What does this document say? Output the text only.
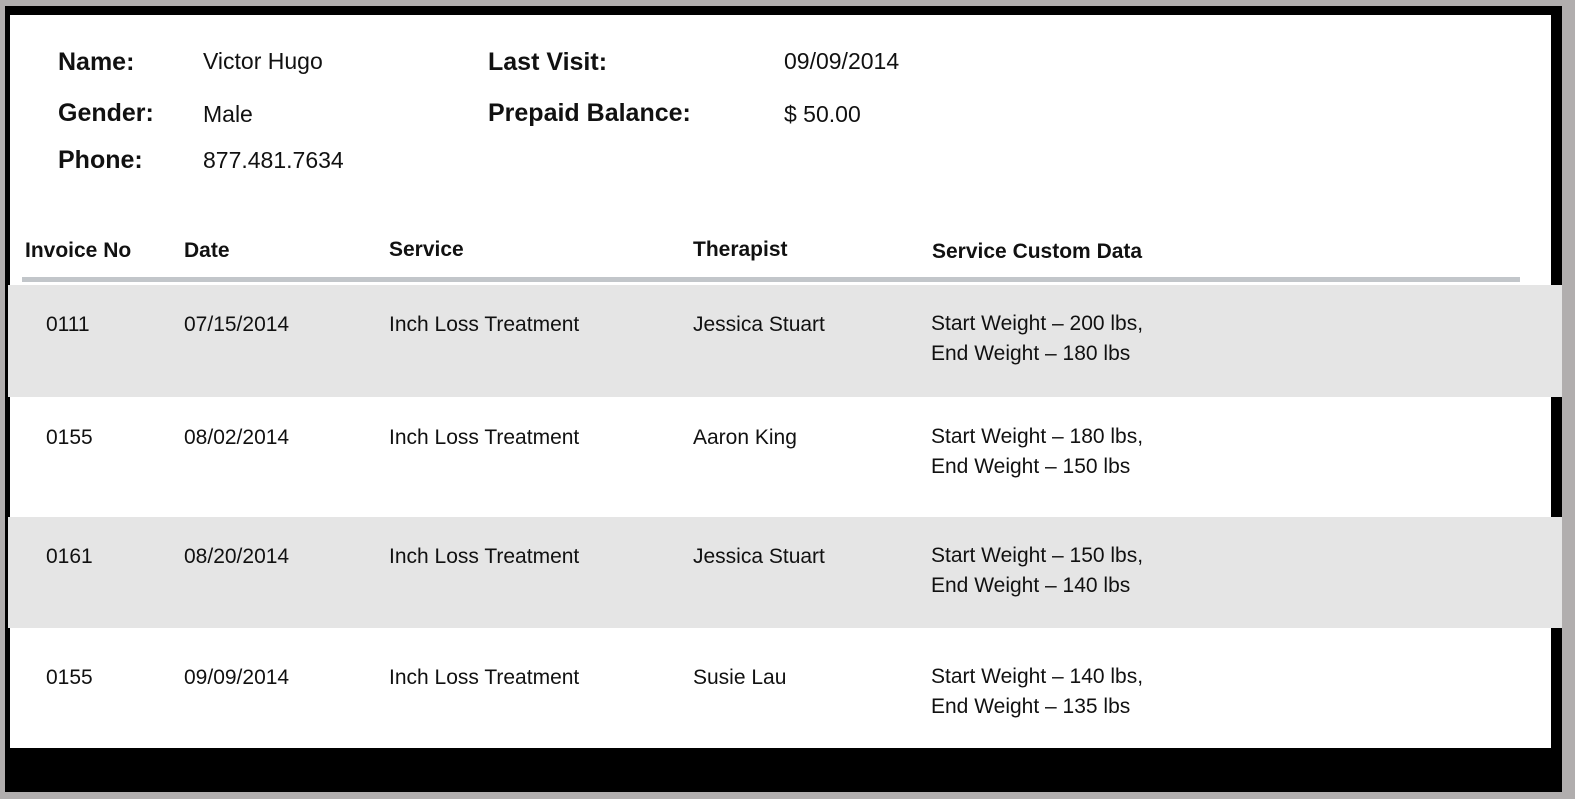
Name:	Victor Hugo
Gender: Male
Phone:	877.481.7634
Last Visit:	09/09/2014
Prepaid Balance:	$ 50.00
Invoice No	Date	Service	Therapist	Service Custom Data
0111	07/15/2014	Inch Loss Treatment	Jessica Stuart	Start Weight – 200 lbs,
End Weight – 180 lbs
0155	08/02/2014	Inch Loss Treatment	Aaron King	Start Weight – 180 lbs,
End Weight – 150 lbs
0161	08/20/2014	Inch Loss Treatment	Jessica Stuart	Start Weight – 150 lbs,
End Weight – 140 lbs
0155	09/09/2014	Inch Loss Treatment	Susie Lau	Start Weight – 140 lbs,
End Weight – 135 lbs
